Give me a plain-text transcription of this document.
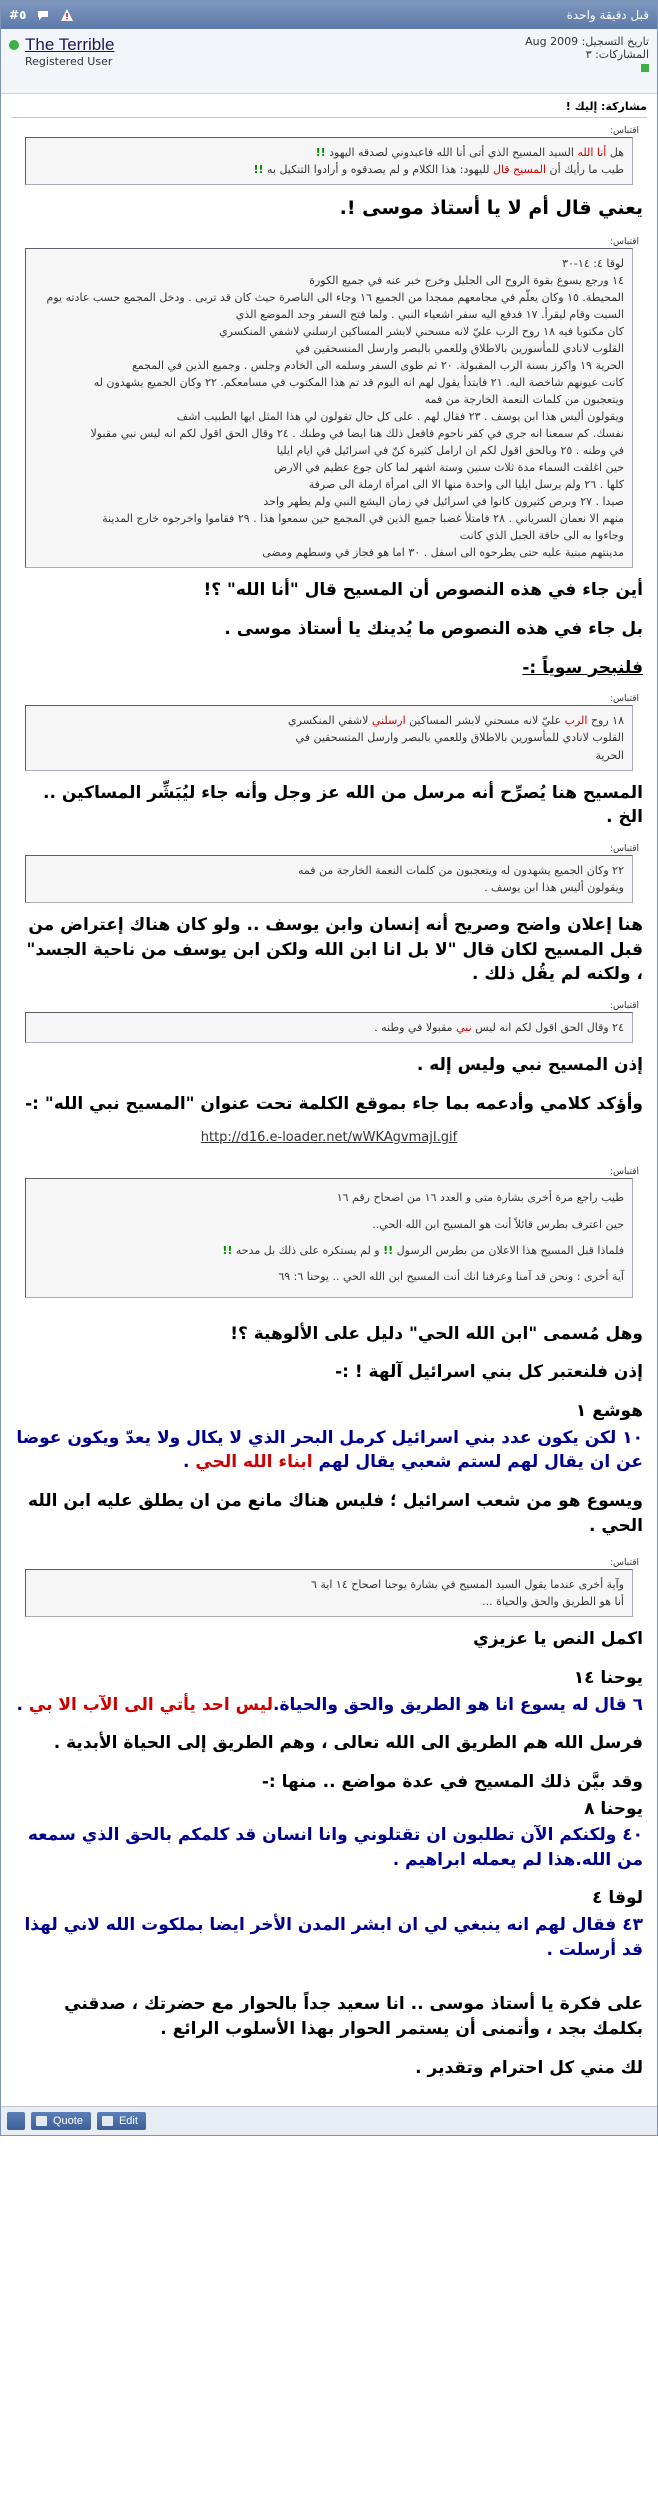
قبل دقيقة واحدة
#٥
The Terrible
Registered User
تاريخ التسجيل: Aug 2009
المشاركات: ٣
مشاركة: إليك !
اقتباس:
هل أنا الله السيد المسيح الذي أتى أنا الله فاعبدوني لصدقه اليهود !!
طيب ما رأيك أن المسيح قال لليهود: هذا الكلام و لم يصدقوه و أرادوا التنكيل به !!
يعني قال أم لا يا أستاذ موسى !.
اقتباس:
لوقا ٤: ١٤-٣٠
١٤ ورجع يسوع بقوة الروح الى الجليل وخرج خبر عنه في جميع الكورة
المحيطة. ١٥ وكان يعلّم في مجامعهم ممجدا من الجميع ١٦ وجاء الى الناصرة حيث كان قد تربى . ودخل المجمع حسب عادته يوم
السبت وقام ليقرأ. ١٧ فدفع اليه سفر اشعياء النبي . ولما فتح السفر وجد الموضع الذي
كان مكتوبا فيه ١٨ روح الرب عليّ لانه مسحني لابشر المساكين ارسلني لاشفي المنكسري
القلوب لانادي للمأسورين بالاطلاق وللعمي بالبصر وارسل المنسحقين في
الحرية ١٩ واكرز بسنة الرب المقبولة. ٢٠ ثم طوى السفر وسلمه الى الخادم وجلس . وجميع الذين في المجمع
كانت عيونهم شاخصة اليه. ٢١ فابتدأ يقول لهم انه اليوم قد تم هذا المكتوب في مسامعكم. ٢٢ وكان الجميع يشهدون له
ويتعجبون من كلمات النعمة الخارجة من فمه
ويقولون أليس هذا ابن يوسف . ٢٣ فقال لهم . على كل حال تقولون لي هذا المثل ايها الطبيب اشف
نفسك. كم سمعنا انه جرى في كفر ناحوم فافعل ذلك هنا ايضا في وطنك . ٢٤ وقال الحق اقول لكم انه ليس نبي مقبولا
في وطنه . ٢٥ وبالحق اقول لكم ان ارامل كثيرة كنّ في اسرائيل في ايام ايليا
حين اغلقت السماء مدة ثلاث سنين وستة اشهر لما كان جوع عظيم في الارض
كلها . ٢٦ ولم يرسل ايليا الى واحدة منها الا الى امرأة ارملة الى صرفة
صيدا . ٢٧ وبرص كثيرون كانوا في اسرائيل في زمان اليشع النبي ولم يطهر واحد
منهم الا نعمان السرياني . ٢٨ فامتلأ غضبا جميع الذين في المجمع حين سمعوا هذا . ٢٩ فقاموا واخرجوه خارج المدينة
وجاءوا به الى حافة الجبل الذي كانت
مدينتهم مبنية عليه حتى يطرحوه الى اسفل . ٣٠ اما هو فجاز في وسطهم ومضى
أين جاء في هذه النصوص أن المسيح قال "أنا الله" ؟!
بل جاء في هذه النصوص ما يُدينك يا أستاذ موسى .
فلنبحر سوياً :-
اقتباس:
١٨ روح الرب عليّ لانه مسحني لابشر المساكين ارسلني لاشفي المنكسري
القلوب لانادي للمأسورين بالاطلاق وللعمي بالبصر وارسل المنسحقين في
الحرية
المسيح هنا يُصرِّح أنه مرسل من الله عز وجل وأنه جاء ليُبَشِّر المساكين .. الخ .
اقتباس:
٢٢ وكان الجميع يشهدون له ويتعجبون من كلمات النعمة الخارجة من فمه
ويقولون أليس هذا ابن يوسف .
هنا إعلان واضح وصريح أنه إنسان وابن يوسف .. ولو كان هناك إعتراض من قبل المسيح لكان قال "لا بل انا ابن الله ولكن ابن يوسف من ناحية الجسد" ، ولكنه لم يقُل ذلك .
اقتباس:
٢٤ وقال الحق اقول لكم انه ليس نبي مقبولا في وطنه .
إذن المسيح نبي وليس إله .
وأؤكد كلامي وأدعمه بما جاء بموقع الكلمة تحت عنوان "المسيح نبي الله" :-
http://d16.e-loader.net/wWKAgvmajI.gif
اقتباس:
طيب راجع مرة أخرى بشارة متى و العدد ١٦ من اصحاح رقم ١٦
حين اعترف بطرس قائلاً أنت هو المسيح ابن الله الحي..
فلماذا قبل المسيح هذا الاعلان من بطرس الرسول !! و لم يستكره على ذلك بل مدحه !!
آية أخرى : ونحن قد آمنا وعرفنا انك أنت المسيح ابن الله الحي .. يوحنا ٦: ٦٩
وهل مُسمى "ابن الله الحي" دليل على الألوهية ؟!
إذن فلنعتبر كل بني اسرائيل آلهة ! :-
هوشع ١
١٠ لكن يكون عدد بني اسرائيل كرمل البحر الذي لا يكال ولا يعدّ ويكون عوضا عن ان يقال لهم لستم شعبي يقال لهم ابناء الله الحي .
ويسوع هو من شعب اسرائيل ؛ فليس هناك مانع من ان يطلق عليه ابن الله الحي .
اقتباس:
وآية أخرى عندما يقول السيد المسيح في بشارة يوحنا اصحاح ١٤ اية ٦
أنا هو الطريق والحق والحياة ...
اكمل النص يا عزيزي
يوحنا ١٤
٦ قال له يسوع انا هو الطريق والحق والحياة.ليس احد يأتي الى الآب الا بي .
فرسل الله هم الطريق الى الله تعالى ، وهم الطريق إلى الحياة الأبدية .
وقد بيَّن ذلك المسيح في عدة مواضع .. منها :-
يوحنا ٨
٤٠ ولكنكم الآن تطلبون ان تقتلوني وانا انسان قد كلمكم بالحق الذي سمعه من الله.هذا لم يعمله ابراهيم .
لوقا ٤
٤٣ فقال لهم انه ينبغي لي ان ابشر المدن الأخر ايضا بملكوت الله لاني لهذا قد أرسلت .
على فكرة يا أستاذ موسى .. انا سعيد جداً بالحوار مع حضرتك ، صدقني بكلمك بجد ، وأتمنى أن يستمر الحوار بهذا الأسلوب الرائع .
لك مني كل احترام وتقدير .
Quote	Edit
